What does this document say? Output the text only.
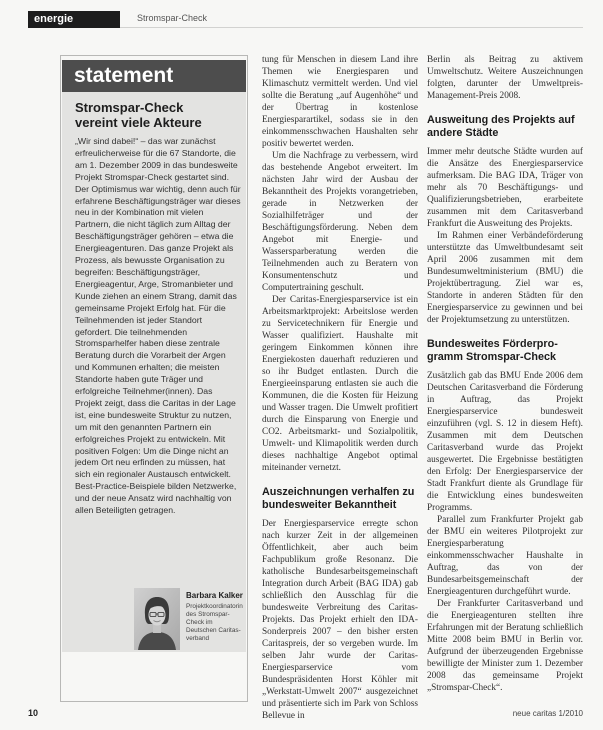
energie	Stromspar-Check
statement
Stromspar-Check vereint viele Akteure
„Wir sind dabei!“ – das war zunächst erfreulicherweise für die 67 Standorte, die am 1. Dezember 2009 in das bundesweite Projekt Stromspar-Check gestartet sind. Der Optimismus war wichtig, denn auch für erfahrene Beschäftigungsträger war dieses neu in der Kombination mit vielen Partnern, die nicht täglich zum Alltag der Beschäftigungsträger gehören – etwa die Energieagenturen. Das ganze Projekt als Prozess, als bewusste Organisation zu begreifen: Beschäftigungsträger, Energieagentur, Arge, Stromanbieter und Kunde ziehen an einem Strang, damit das gemeinsame Projekt Erfolg hat. Für die Teilnehmenden ist jeder Standort gefordert. Die teilnehmenden Stromsparhelfer haben diese zentrale Beratung durch die Vorarbeit der Argen und Kommunen erhalten; die meisten Standorte haben gute Träger und erfolgreiche Teilnehmer(innen). Das Projekt zeigt, dass die Caritas in der Lage ist, eine bundesweite Struktur zu nutzen, um mit den genannten Partnern ein erfolgreiches Projekt zu entwickeln. Mit positiven Folgen: Um die Dinge nicht an jedem Ort neu erfinden zu müssen, hat sich ein regionaler Austausch entwickelt. Best-Practice-Beispiele bilden Netzwerke, und der neue Ansatz wird nachhaltig von allen Beteiligten getragen.
Barbara Kalker
Projektkoordinatorin des Stromspar-Check im Deutschen Caritasverband

tung für Menschen in diesem Land ihre Themen wie Energiesparen und Klimaschutz vermittelt werden. Und viel sollte die Beratung „auf Augenhöhe“ und der Übertrag in kostenlose Energiesparartikel, sodass sie in den einkommensschwachen Haushalten sehr positiv bewertet werden.

Um die Nachfrage zu verbessern, wird das bestehende Angebot erweitert. Im nächsten Jahr wird der Ausbau der Bekanntheit des Projekts vorangetrieben, gerade in Netzwerken der Sozialhilfeträger und der Beschäftigungsförderung. Neben dem Angebot mit Energie- und Wassersparberatung werden die Teilnehmenden auch zu Beratern von Konsumentenschutz und Computertraining geschult.

Der Caritas-Energiesparservice ist ein Arbeitsmarktprojekt: Arbeitslose werden zu Servicetechnikern für Energie und Wasser qualifiziert. Haushalte mit geringem Einkommen können ihre Energiekosten dauerhaft reduzieren und so ihr Budget entlasten. Durch die Energieeinsparung entlasten sie auch die Kommunen, die die Kosten für Heizung und Wasser tragen. Die Umwelt profitiert durch die Einsparung von Energie und CO2. Arbeitsmarkt- und Sozialpolitik, Umwelt- und Klimapolitik werden durch dieses nachhaltige Angebot optimal miteinander vernetzt.

Auszeichnungen verhalfen zu bundesweiter Bekanntheit

Der Energiesparservice erregte schon nach kurzer Zeit in der allgemeinen Öffentlichkeit, aber auch beim Fachpublikum große Resonanz. Die katholische Bundesarbeitsgemeinschaft Integration durch Arbeit (BAG IDA) gab schließlich den Ausschlag für die bundesweite Verbreitung des Caritas-Projekts. Das Projekt erhielt den IDA-Sonderpreis 2007 – den bisher ersten Caritaspreis, der so vergeben wurde. Im selben Jahr wurde der Caritas-Energiesparservice vom Bundespräsidenten Horst Köhler mit „Werkstatt-Umwelt 2007“ ausgezeichnet und präsentierte sich im Park von Schloss Bellevue in

Berlin als Beitrag zu aktivem Umweltschutz. Weitere Auszeichnungen folgten, darunter der Umweltpreis-Management-Preis 2008.

Ausweitung des Projekts auf andere Städte

Immer mehr deutsche Städte wurden auf die Ansätze des Energiesparservice aufmerksam. Die BAG IDA, Träger von mehr als 70 Beschäftigungs- und Qualifizierungsbetrieben, erarbeitete zusammen mit dem Caritasverband Frankfurt die Ausweitung des Projekts.

Im Rahmen einer Verbändeförderung unterstützte das Umweltbundesamt seit April 2006 zusammen mit dem Bundesumweltministerium (BMU) die Projektübertragung. Ziel war es, Standorte in anderen Städten für den Energiesparservice zu gewinnen und bei der Projektumsetzung zu unterstützen.

Bundesweites Förderprogramm Stromspar-Check

Zusätzlich gab das BMU Ende 2006 dem Deutschen Caritasverband die Förderung in Auftrag, das Projekt Energiesparservice bundesweit einzuführen (vgl. S. 12 in diesem Heft). Zusammen mit dem Deutschen Caritasverband wurde das Projekt ausgewertet. Die Ergebnisse bestätigten den Erfolg: Der Energiesparservice der Stadt Frankfurt diente als Grundlage für die Entwicklung eines bundesweiten Programms.

Parallel zum Frankfurter Projekt gab der BMU ein weiteres Pilotprojekt zur Energiesparberatung einkommensschwacher Haushalte in Auftrag, das von der Bundesarbeitsgemeinschaft der Energieagenturen durchgeführt wurde.

Der Frankfurter Caritasverband und die Energieagenturen stellten ihre Erfahrungen mit der Beratung schließlich Mitte 2008 beim BMU in Berlin vor. Aufgrund der überzeugenden Ergebnisse bewilligte der Minister zum 1. Dezember 2008 das gemeinsame Projekt „Stromspar-Check“.

10	neue caritas 1/2010
